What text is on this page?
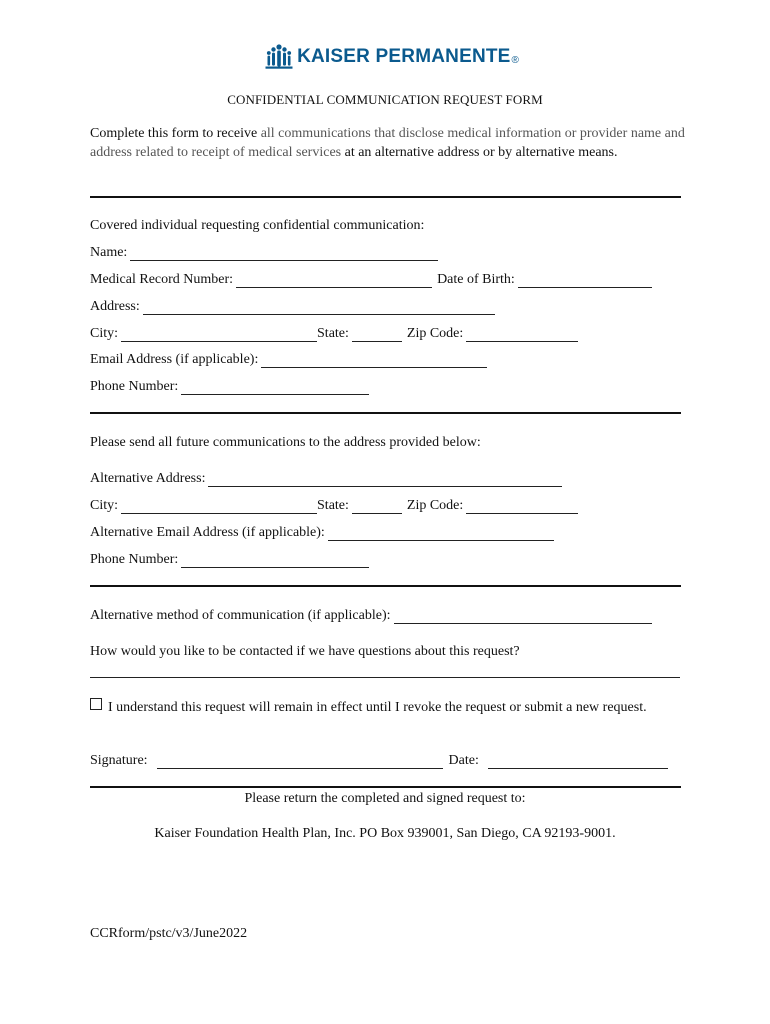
KAISER PERMANENTE ®
CONFIDENTIAL COMMUNICATION REQUEST FORM
Complete this form to receive all communications that disclose medical information or provider name and address related to receipt of medical services at an alternative address or by alternative means.
Covered individual requesting confidential communication:
Name:
Medical Record Number:	Date of Birth:
Address:
City:	State:	Zip Code:
Email Address (if applicable):
Phone Number:
Please send all future communications to the address provided below:
Alternative Address:
City:	State:	Zip Code:
Alternative Email Address (if applicable):
Phone Number:
Alternative method of communication (if applicable):
How would you like to be contacted if we have questions about this request?
I understand this request will remain in effect until I revoke the request or submit a new request.
Signature:	Date:
Please return the completed and signed request to:
Kaiser Foundation Health Plan, Inc. PO Box 939001, San Diego, CA 92193-9001.
CCRform/pstc/v3/June2022
